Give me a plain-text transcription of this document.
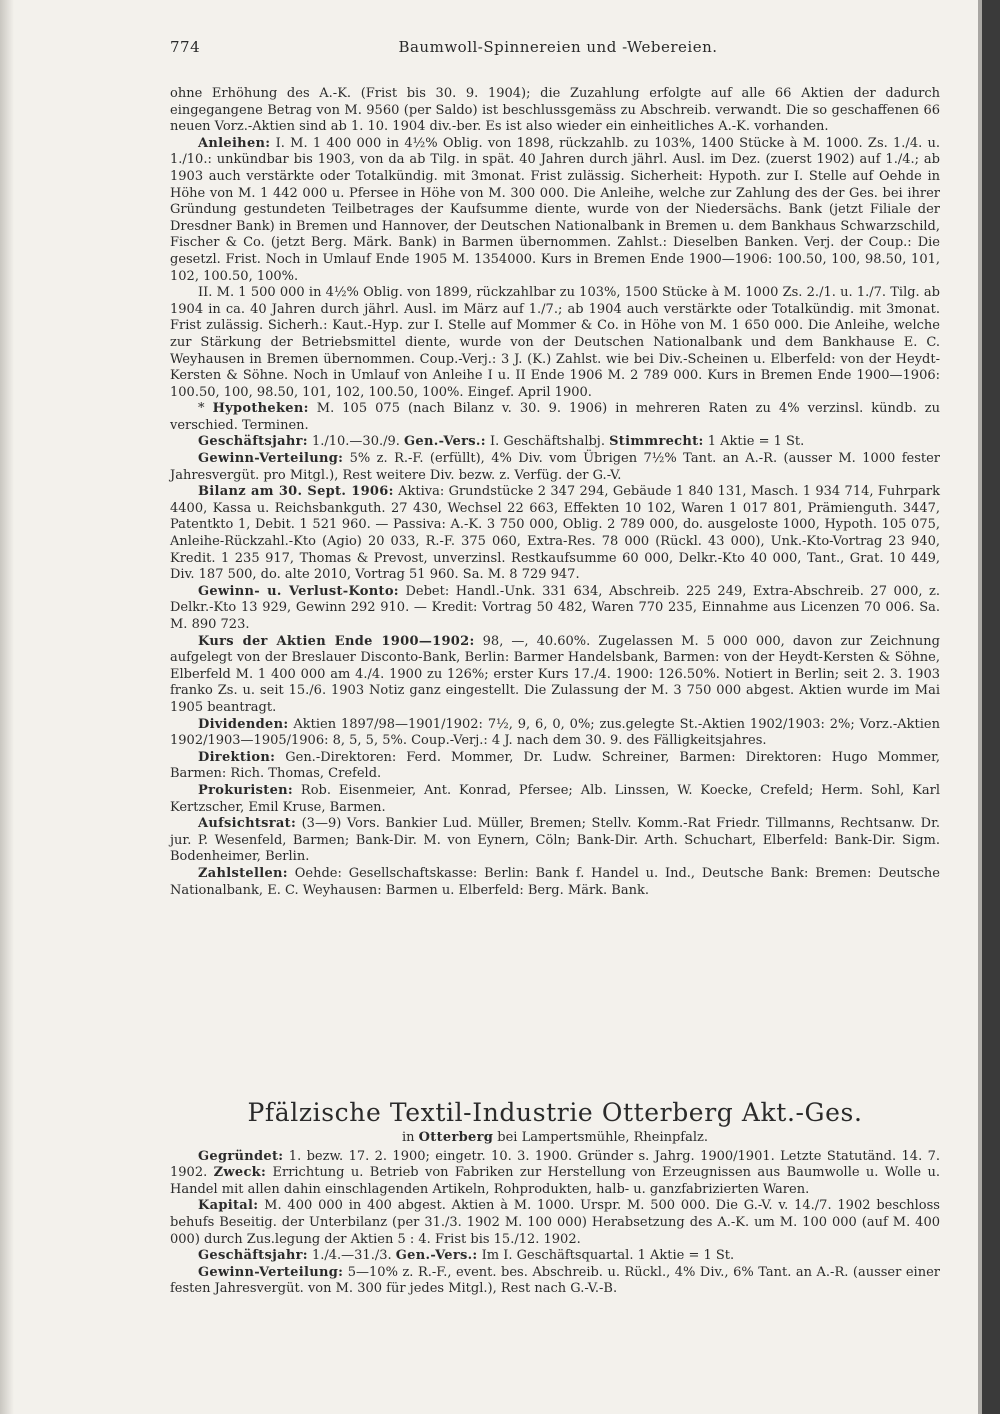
774	Baumwoll-Spinnereien und -Webereien.

ohne Erhöhung des A.-K. (Frist bis 30. 9. 1904); die Zuzahlung erfolgte auf alle 66 Aktien der dadurch eingegangene Betrag von M. 9560 (per Saldo) ist beschlussgemäss zu Abschreib. verwandt. Die so geschaffenen 66 neuen Vorz.-Aktien sind ab 1. 10. 1904 div.-ber. Es ist also wieder ein einheitliches A.-K. vorhanden.

Anleihen: I. M. 1 400 000 in 4½% Oblig. von 1898, rückzahlb. zu 103%, 1400 Stücke à M. 1000. Zs. 1./4. u. 1./10.: unkündbar bis 1903, von da ab Tilg. in spät. 40 Jahren durch jährl. Ausl. im Dez. (zuerst 1902) auf 1./4.; ab 1903 auch verstärkte oder Totalkündig. mit 3monat. Frist zulässig. Sicherheit: Hypoth. zur I. Stelle auf Oehde in Höhe von M. 1 442 000 u. Pfersee in Höhe von M. 300 000. Die Anleihe, welche zur Zahlung des der Ges. bei ihrer Gründung gestundeten Teilbetrages der Kaufsumme diente, wurde von der Niedersächs. Bank (jetzt Filiale der Dresdner Bank) in Bremen und Hannover, der Deutschen Nationalbank in Bremen u. dem Bankhaus Schwarzschild, Fischer & Co. (jetzt Berg. Märk. Bank) in Barmen übernommen. Zahlst.: Dieselben Banken. Verj. der Coup.: Die gesetzl. Frist. Noch in Umlauf Ende 1905 M. 1354000. Kurs in Bremen Ende 1900—1906: 100.50, 100, 98.50, 101, 102, 100.50, 100%.

II. M. 1 500 000 in 4½% Oblig. von 1899, rückzahlbar zu 103%, 1500 Stücke à M. 1000 Zs. 2./1. u. 1./7. Tilg. ab 1904 in ca. 40 Jahren durch jährl. Ausl. im März auf 1./7.; ab 1904 auch verstärkte oder Totalkündig. mit 3monat. Frist zulässig. Sicherh.: Kaut.-Hyp. zur I. Stelle auf Mommer & Co. in Höhe von M. 1 650 000. Die Anleihe, welche zur Stärkung der Betriebsmittel diente, wurde von der Deutschen Nationalbank und dem Bankhause E. C. Weyhausen in Bremen übernommen. Coup.-Verj.: 3 J. (K.) Zahlst. wie bei Div.-Scheinen u. Elberfeld: von der Heydt-Kersten & Söhne. Noch in Umlauf von Anleihe I u. II Ende 1906 M. 2 789 000. Kurs in Bremen Ende 1900—1906: 100.50, 100, 98.50, 101, 102, 100.50, 100%. Eingef. April 1900.

* Hypotheken: M. 105 075 (nach Bilanz v. 30. 9. 1906) in mehreren Raten zu 4% verzinsl. kündb. zu verschied. Terminen.

Geschäftsjahr: 1./10.—30./9. Gen.-Vers.: I. Geschäftshalbj. Stimmrecht: 1 Aktie = 1 St.

Gewinn-Verteilung: 5% z. R.-F. (erfüllt), 4% Div. vom Übrigen 7½% Tant. an A.-R. (ausser M. 1000 fester Jahresvergüt. pro Mitgl.), Rest weitere Div. bezw. z. Verfüg. der G.-V.

Bilanz am 30. Sept. 1906: Aktiva: Grundstücke 2 347 294, Gebäude 1 840 131, Masch. 1 934 714, Fuhrpark 4400, Kassa u. Reichsbankguth. 27 430, Wechsel 22 663, Effekten 10 102, Waren 1 017 801, Prämienguth. 3447, Patentkto 1, Debit. 1 521 960. — Passiva: A.-K. 3 750 000, Oblig. 2 789 000, do. ausgeloste 1000, Hypoth. 105 075, Anleihe-Rückzahl.-Kto (Agio) 20 033, R.-F. 375 060, Extra-Res. 78 000 (Rückl. 43 000), Unk.-Kto-Vortrag 23 940, Kredit. 1 235 917, Thomas & Prevost, unverzinsl. Restkaufsumme 60 000, Delkr.-Kto 40 000, Tant., Grat. 10 449, Div. 187 500, do. alte 2010, Vortrag 51 960. Sa. M. 8 729 947.

Gewinn- u. Verlust-Konto: Debet: Handl.-Unk. 331 634, Abschreib. 225 249, Extra-Abschreib. 27 000, z. Delkr.-Kto 13 929, Gewinn 292 910. — Kredit: Vortrag 50 482, Waren 770 235, Einnahme aus Licenzen 70 006. Sa. M. 890 723.

Kurs der Aktien Ende 1900—1902: 98, —, 40.60%. Zugelassen M. 5 000 000, davon zur Zeichnung aufgelegt von der Breslauer Disconto-Bank, Berlin: Barmer Handelsbank, Barmen: von der Heydt-Kersten & Söhne, Elberfeld M. 1 400 000 am 4./4. 1900 zu 126%; erster Kurs 17./4. 1900: 126.50%. Notiert in Berlin; seit 2. 3. 1903 franko Zs. u. seit 15./6. 1903 Notiz ganz eingestellt. Die Zulassung der M. 3 750 000 abgest. Aktien wurde im Mai 1905 beantragt.

Dividenden: Aktien 1897/98—1901/1902: 7½, 9, 6, 0, 0%; zus.gelegte St.-Aktien 1902/1903: 2%; Vorz.-Aktien 1902/1903—1905/1906: 8, 5, 5, 5%. Coup.-Verj.: 4 J. nach dem 30. 9. des Fälligkeitsjahres.

Direktion: Gen.-Direktoren: Ferd. Mommer, Dr. Ludw. Schreiner, Barmen: Direktoren: Hugo Mommer, Barmen: Rich. Thomas, Crefeld.

Prokuristen: Rob. Eisenmeier, Ant. Konrad, Pfersee; Alb. Linssen, W. Koecke, Crefeld; Herm. Sohl, Karl Kertzscher, Emil Kruse, Barmen.

Aufsichtsrat: (3—9) Vors. Bankier Lud. Müller, Bremen; Stellv. Komm.-Rat Friedr. Tillmanns, Rechtsanw. Dr. jur. P. Wesenfeld, Barmen; Bank-Dir. M. von Eynern, Cöln; Bank-Dir. Arth. Schuchart, Elberfeld: Bank-Dir. Sigm. Bodenheimer, Berlin.

Zahlstellen: Oehde: Gesellschaftskasse: Berlin: Bank f. Handel u. Ind., Deutsche Bank: Bremen: Deutsche Nationalbank, E. C. Weyhausen: Barmen u. Elberfeld: Berg. Märk. Bank.

Pfälzische Textil-Industrie Otterberg Akt.-Ges.
in Otterberg bei Lampertsmühle, Rheinpfalz.

Gegründet: 1. bezw. 17. 2. 1900; eingetr. 10. 3. 1900. Gründer s. Jahrg. 1900/1901. Letzte Statutänd. 14. 7. 1902. Zweck: Errichtung u. Betrieb von Fabriken zur Herstellung von Erzeugnissen aus Baumwolle u. Wolle u. Handel mit allen dahin einschlagenden Artikeln, Rohprodukten, halb- u. ganzfabrizierten Waren.

Kapital: M. 400 000 in 400 abgest. Aktien à M. 1000. Urspr. M. 500 000. Die G.-V. v. 14./7. 1902 beschloss behufs Beseitig. der Unterbilanz (per 31./3. 1902 M. 100 000) Herabsetzung des A.-K. um M. 100 000 (auf M. 400 000) durch Zus.legung der Aktien 5 : 4. Frist bis 15./12. 1902.

Geschäftsjahr: 1./4.—31./3. Gen.-Vers.: Im I. Geschäftsquartal. 1 Aktie = 1 St.

Gewinn-Verteilung: 5—10% z. R.-F., event. bes. Abschreib. u. Rückl., 4% Div., 6% Tant. an A.-R. (ausser einer festen Jahresvergüt. von M. 300 für jedes Mitgl.), Rest nach G.-V.-B.
